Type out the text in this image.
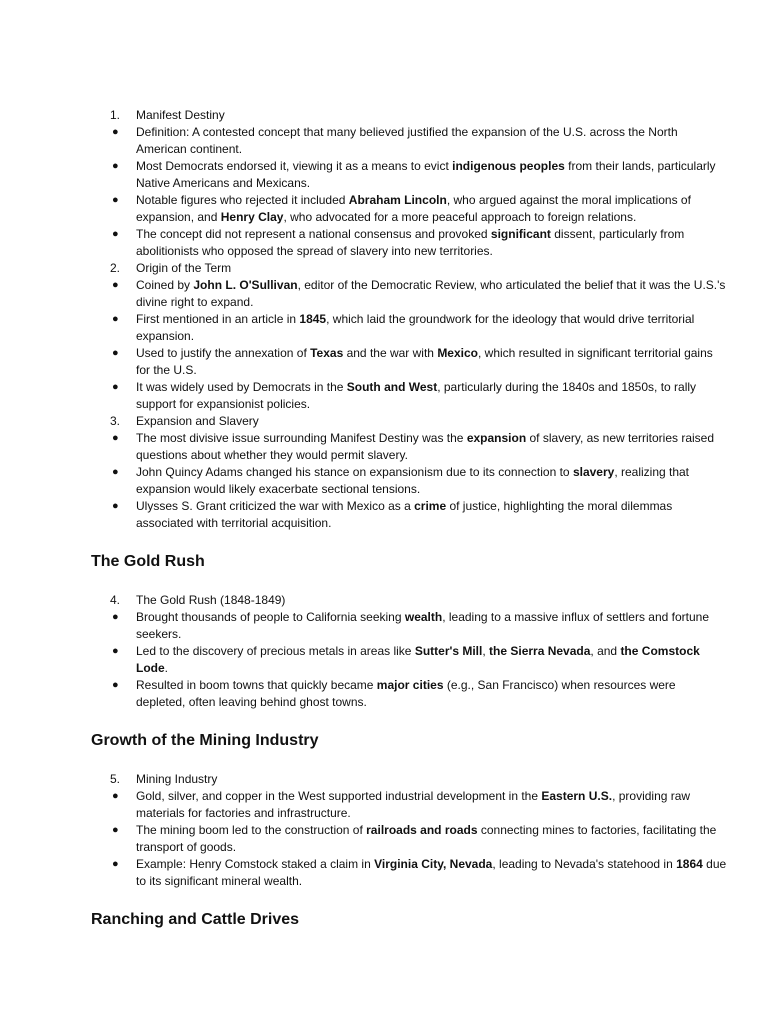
1.	Manifest Destiny
●	Definition: A contested concept that many believed justified the expansion of the U.S. across the North American continent.
●	Most Democrats endorsed it, viewing it as a means to evict indigenous peoples from their lands, particularly Native Americans and Mexicans.
●	Notable figures who rejected it included Abraham Lincoln, who argued against the moral implications of expansion, and Henry Clay, who advocated for a more peaceful approach to foreign relations.
●	The concept did not represent a national consensus and provoked significant dissent, particularly from abolitionists who opposed the spread of slavery into new territories.
2.	Origin of the Term
●	Coined by John L. O'Sullivan, editor of the Democratic Review, who articulated the belief that it was the U.S.'s divine right to expand.
●	First mentioned in an article in 1845, which laid the groundwork for the ideology that would drive territorial expansion.
●	Used to justify the annexation of Texas and the war with Mexico, which resulted in significant territorial gains for the U.S.
●	It was widely used by Democrats in the South and West, particularly during the 1840s and 1850s, to rally support for expansionist policies.
3.	Expansion and Slavery
●	The most divisive issue surrounding Manifest Destiny was the expansion of slavery, as new territories raised questions about whether they would permit slavery.
●	John Quincy Adams changed his stance on expansionism due to its connection to slavery, realizing that expansion would likely exacerbate sectional tensions.
●	Ulysses S. Grant criticized the war with Mexico as a crime of justice, highlighting the moral dilemmas associated with territorial acquisition.
The Gold Rush
4.	The Gold Rush (1848-1849)
●	Brought thousands of people to California seeking wealth, leading to a massive influx of settlers and fortune seekers.
●	Led to the discovery of precious metals in areas like Sutter's Mill, the Sierra Nevada, and the Comstock Lode.
●	Resulted in boom towns that quickly became major cities (e.g., San Francisco) when resources were depleted, often leaving behind ghost towns.
Growth of the Mining Industry
5.	Mining Industry
●	Gold, silver, and copper in the West supported industrial development in the Eastern U.S., providing raw materials for factories and infrastructure.
●	The mining boom led to the construction of railroads and roads connecting mines to factories, facilitating the transport of goods.
●	Example: Henry Comstock staked a claim in Virginia City, Nevada, leading to Nevada's statehood in 1864 due to its significant mineral wealth.
Ranching and Cattle Drives
